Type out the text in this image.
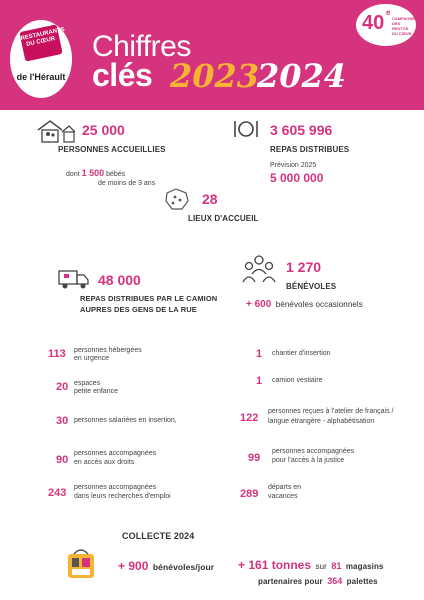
RESTAURANTS DU CŒUR
de l'Hérault
Chiffres
clés 2023
2024
40 e
CAMPAGNE DES RESTOS DU CŒUR
25 000
PERSONNES ACCUEILLIES
dont 1 500 bébés
de moins de 3 ans
3 605 996
REPAS DISTRIBUES
Prévision 2025
5 000 000
28
LIEUX D'ACCUEIL
48 000
REPAS DISTRIBUES PAR LE CAMION
AUPRES DES GENS DE LA RUE
1 270
BÉNÉVOLES
+ 600 bénévoles occasionnels
113 personnes hébergées
en urgence
20 espaces
petite enfance
30 personnes salariées en insertion,
90
personnes accompagnées
en accès aux droits
243 personnes accompagnées
dans leurs recherches d'emploi
1 chantier d'insertion
1 camion vestiaire
122
personnes reçues à l'atelier de français /
langue étrangère - alphabétisation
99
personnes accompagnées
pour l'accès à la justice
289
départs en
vacances
COLLECTE 2024
+ 900 bénévoles/jour + 161 tonnes sur 81 magasins
partenaires pour 364 palettes
